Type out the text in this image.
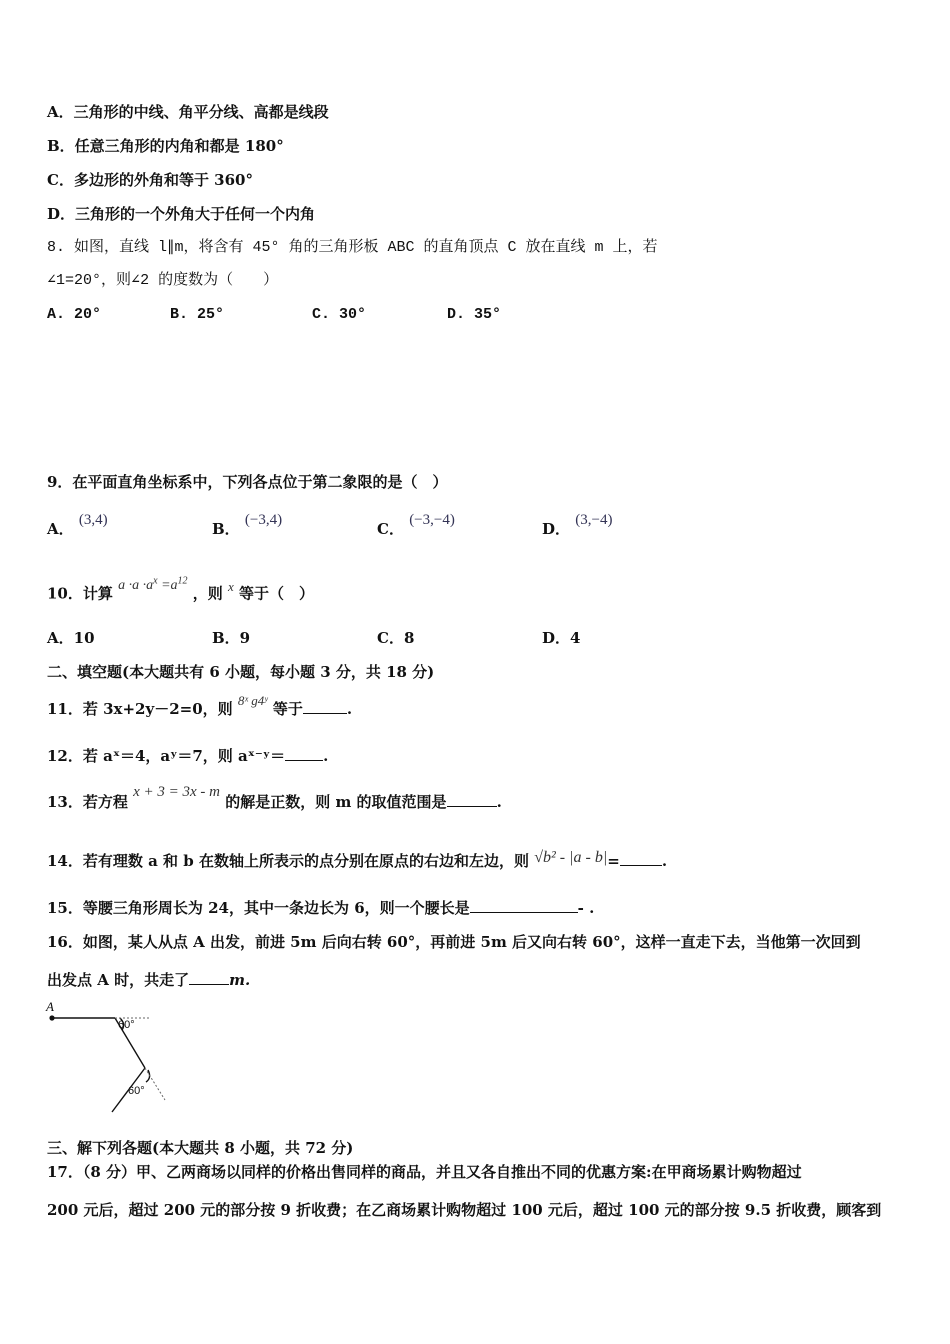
A．三角形的中线、角平分线、高都是线段
B．任意三角形的内角和都是 180°
C．多边形的外角和等于 360°
D．三角形的一个外角大于任何一个内角
8. 如图，直线 l∥m，将含有 45° 角的三角形板 ABC 的直角顶点 C 放在直线 m 上，若
∠1=20°，则∠2 的度数为（　　）
A. 20°	B. 25°	C. 30°	D. 35°
9．在平面直角坐标系中，下列各点位于第二象限的是（　）
A． (3,4)	B． (−3,4)	C． (−3,−4)	D． (3,−4)
10．计算 $a \cdot a \cdot a^x =a^{12}$ ，则 x 等于（　）
A．10	B．9	C．8	D．4
二、填空题(本大题共有 6 小题，每小题 3 分，共 18 分)
11．若 3x+2y－2=0，则 8ˣ g4ʸ 等于	.
12．若 aˣ＝4，aʸ＝7，则 aˣ⁻ʸ＝	.
13．若方程 x + 3 = 3x - m 的解是正数，则 m 的取值范围是	.
14．若有理数 a 和 b 在数轴上所表示的点分别在原点的右边和左边，则 √b² - |a - b|=	.
15．等腰三角形周长为 24，其中一条边长为 6，则一个腰长是	- .
16．如图，某人从点 A 出发，前进 5m 后向右转 60°，再前进 5m 后又向右转 60°，这样一直走下去，当他第一次回到
出发点 A 时，共走了	m.
A
60°
60°
三、解下列各题(本大题共 8 小题，共 72 分)
17．（8 分）甲、乙两商场以同样的价格出售同样的商品，并且又各自推出不同的优惠方案:在甲商场累计购物超过
200 元后，超过 200 元的部分按 9 折收费；在乙商场累计购物超过 100 元后，超过 100 元的部分按 9.5 折收费，顾客到
